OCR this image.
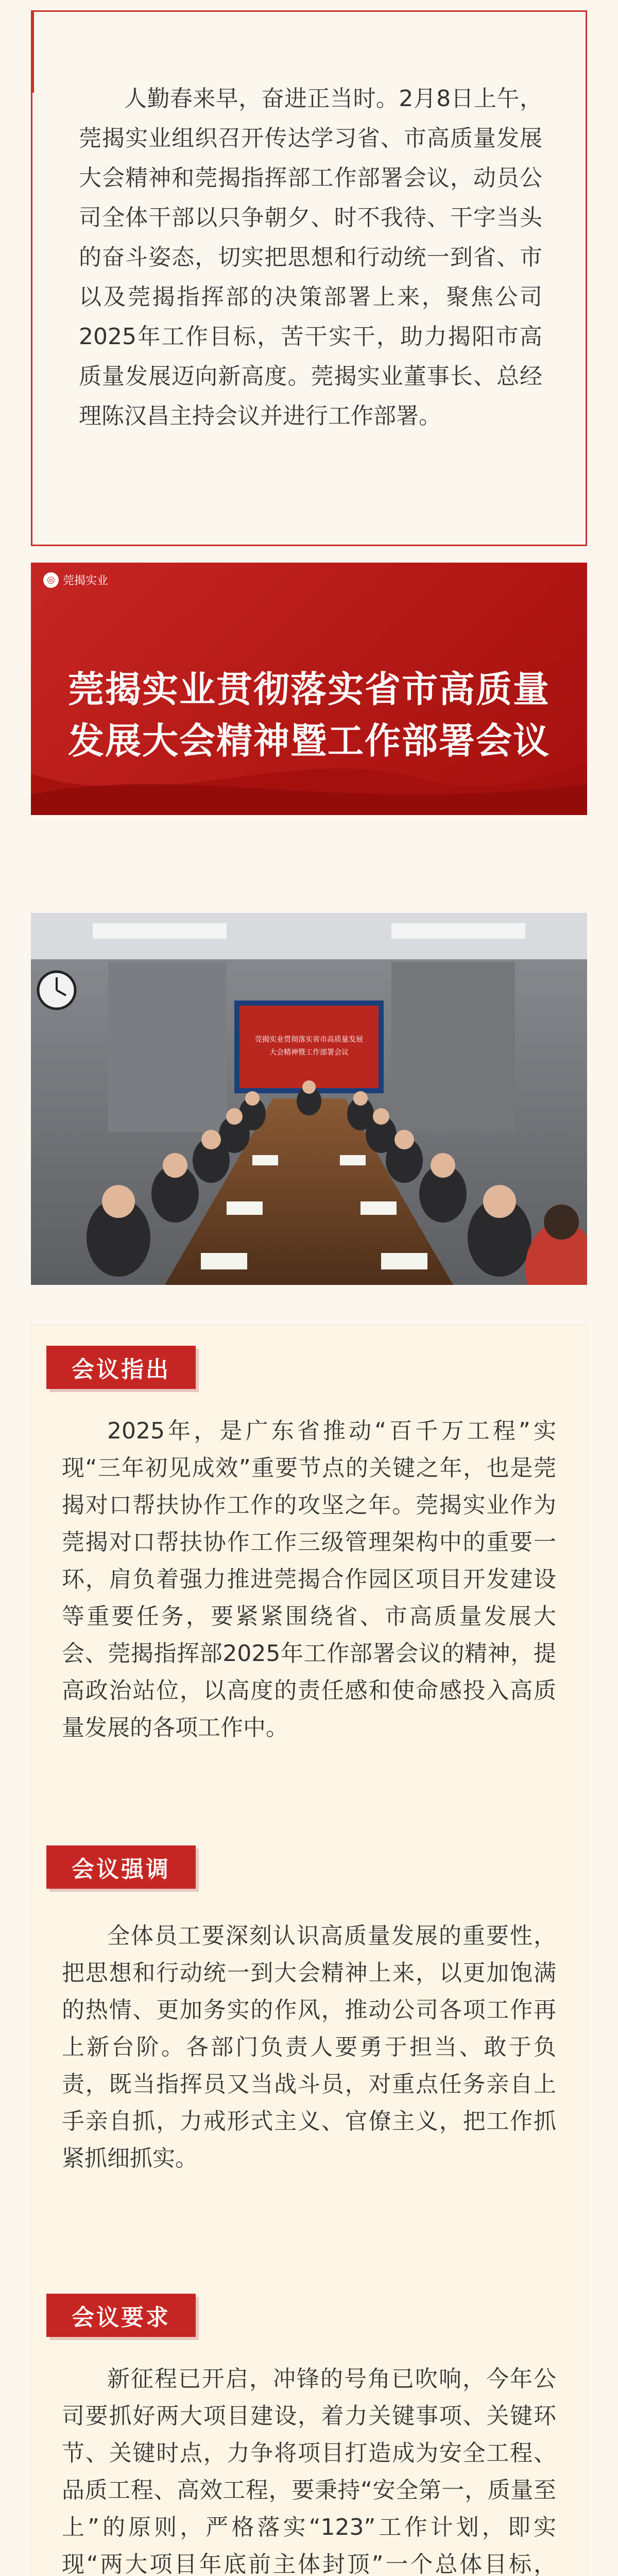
人勤春来早，奋进正当时。2月8日上午，莞揭实业组织召开传达学习省、市高质量发展大会精神和莞揭指挥部工作部署会议，动员公司全体干部以只争朝夕、时不我待、干字当头的奋斗姿态，切实把思想和行动统一到省、市以及莞揭指挥部的决策部署上来，聚焦公司2025年工作目标，苦干实干，助力揭阳市高质量发展迈向新高度。莞揭实业董事长、总经理陈汉昌主持会议并进行工作部署。

◎ 莞揭实业
莞揭实业贯彻落实省市高质量
发展大会精神暨工作部署会议
莞揭实业贯彻落实省市高质量发展
大会精神暨工作部署会议
会议指出

2025年，是广东省推动“百千万工程”实现“三年初见成效”重要节点的关键之年，也是莞揭对口帮扶协作工作的攻坚之年。莞揭实业作为莞揭对口帮扶协作工作三级管理架构中的重要一环，肩负着强力推进莞揭合作园区项目开发建设等重要任务，要紧紧围绕省、市高质量发展大会、莞揭指挥部2025年工作部署会议的精神，提高政治站位，以高度的责任感和使命感投入高质量发展的各项工作中。

会议强调

全体员工要深刻认识高质量发展的重要性，把思想和行动统一到大会精神上来，以更加饱满的热情、更加务实的作风，推动公司各项工作再上新台阶。各部门负责人要勇于担当、敢于负责，既当指挥员又当战斗员，对重点任务亲自上手亲自抓，力戒形式主义、官僚主义，把工作抓紧抓细抓实。

会议要求

新征程已开启，冲锋的号角已吹响，今年公司要抓好两大项目建设，着力关键事项、关键环节、关键时点，力争将项目打造成为安全工程、品质工程、高效工程，要秉持“安全第一，质量至上”的原则，严格落实“123”工作计划，即实现“两大项目年底前主体封顶”一个总体目标，
